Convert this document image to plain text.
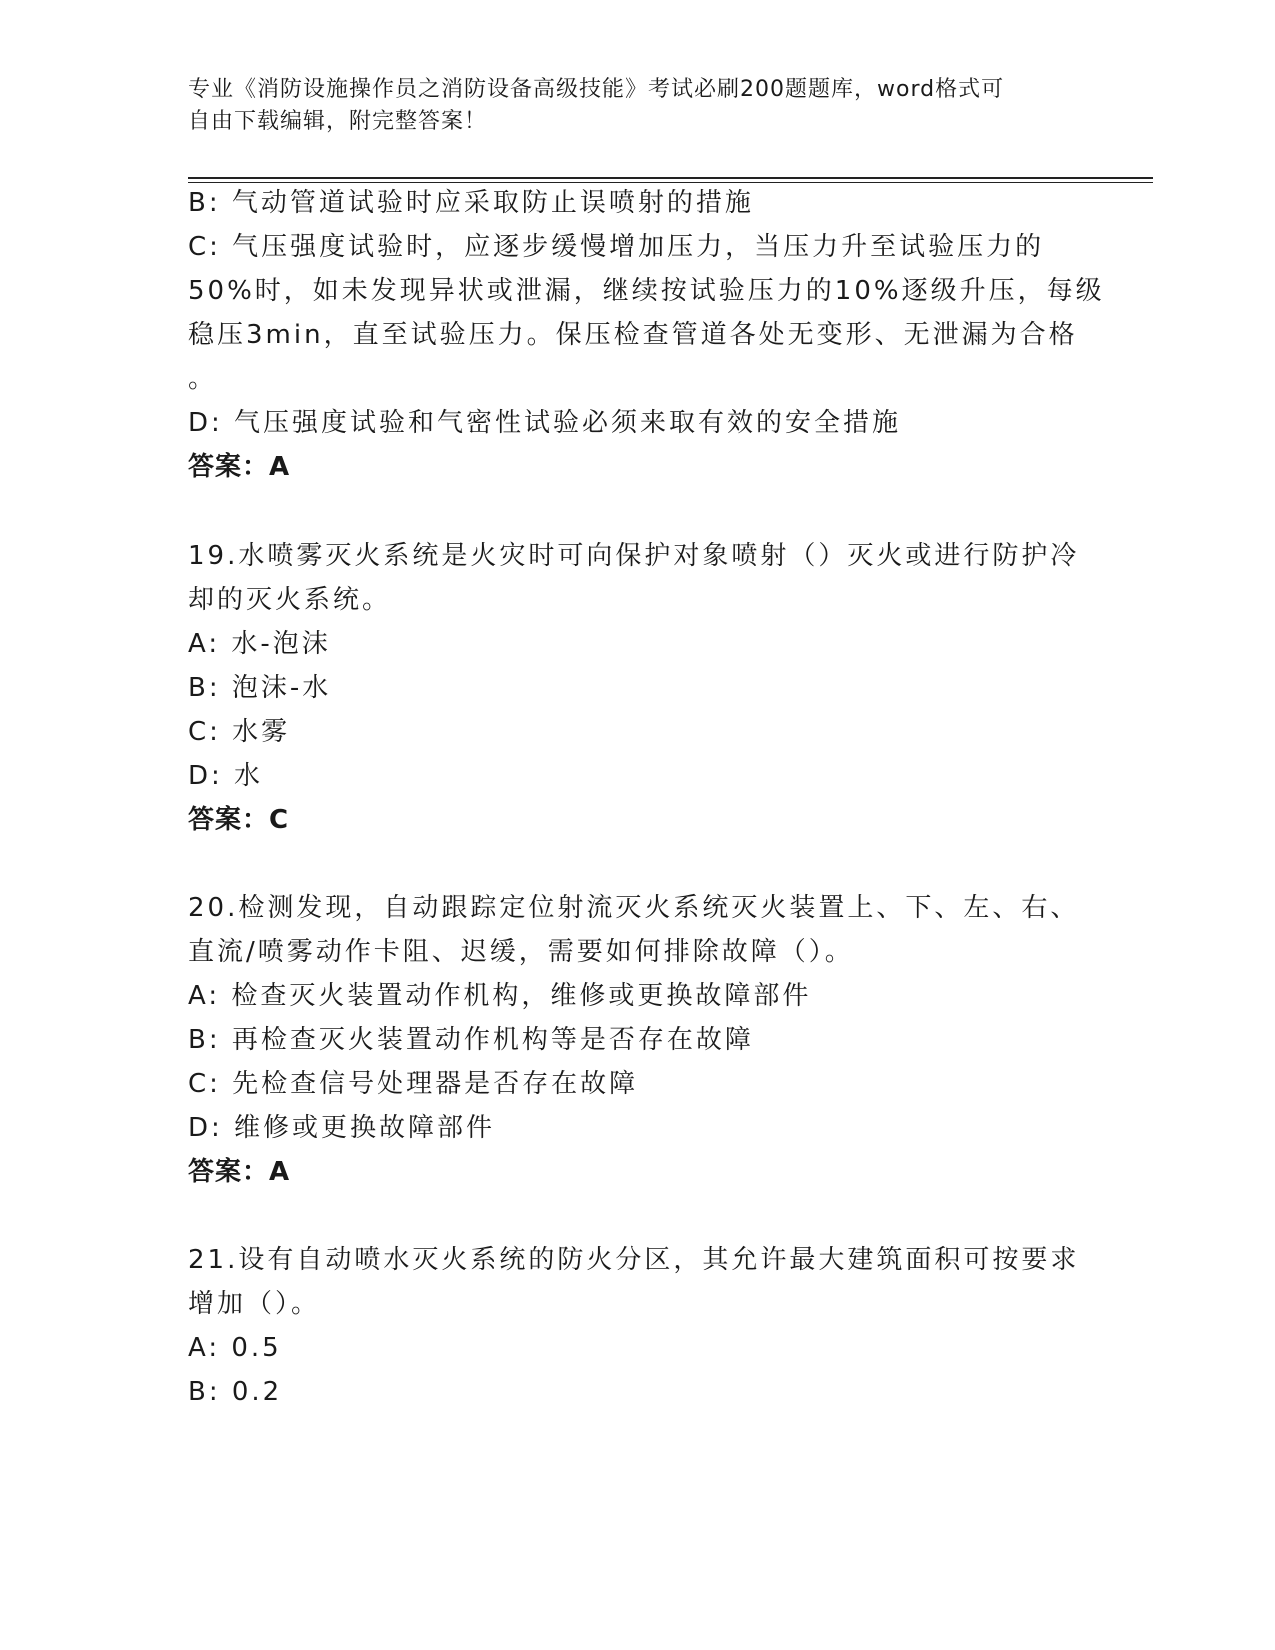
专业《消防设施操作员之消防设备高级技能》考试必刷200题题库，word格式可
自由下载编辑，附完整答案！
B: 气动管道试验时应采取防止误喷射的措施
C: 气压强度试验时，应逐步缓慢增加压力，当压力升至试验压力的
50%时，如未发现异状或泄漏，继续按试验压力的10%逐级升压，每级
稳压3min，直至试验压力。保压检查管道各处无变形、无泄漏为合格
。
D: 气压强度试验和气密性试验必须来取有效的安全措施
答案：A
19.水喷雾灭火系统是火灾时可向保护对象喷射（）灭火或进行防护冷
却的灭火系统。
A: 水-泡沫
B: 泡沫-水
C: 水雾
D: 水
答案：C
20.检测发现，自动跟踪定位射流灭火系统灭火装置上、下、左、右、
直流/喷雾动作卡阻、迟缓，需要如何排除故障（）。
A: 检查灭火装置动作机构，维修或更换故障部件
B: 再检查灭火装置动作机构等是否存在故障
C: 先检查信号处理器是否存在故障
D: 维修或更换故障部件
答案：A
21.设有自动喷水灭火系统的防火分区，其允许最大建筑面积可按要求
增加（）。
A: 0.5
B: 0.2
